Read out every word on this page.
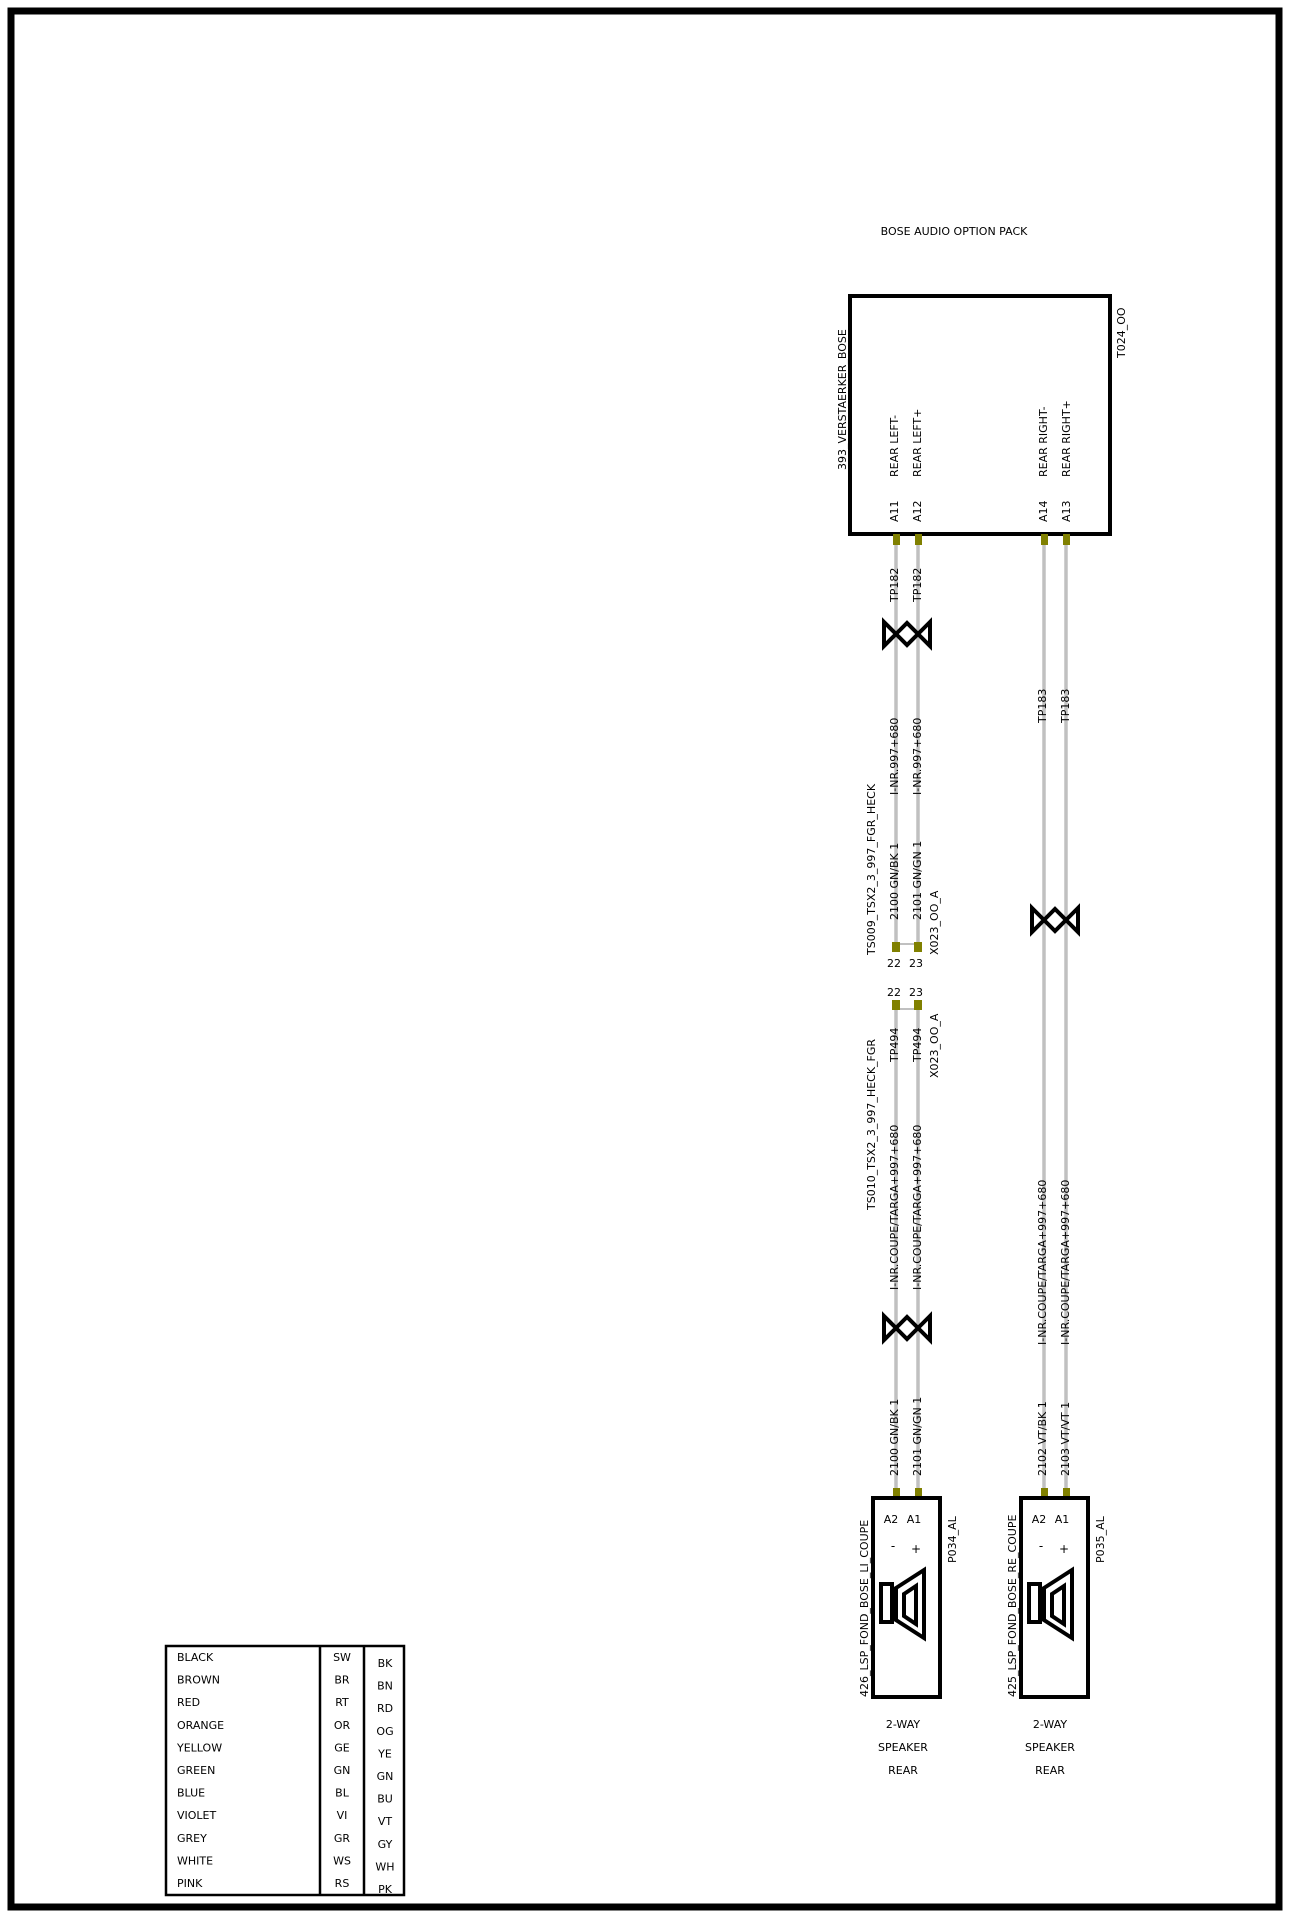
BOSE AUDIO OPTION PACK
393_VERSTAERKER_BOSE	T024_OO
REAR LEFT- REAR LEFT+	REAR RIGHT- REAR RIGHT+
A11 A12	A14 A13
TP182 TP182
I-NR.997+680 I-NR.997+680
2100 GN/BK 1 2101 GN/GN 1
TS009_TSX2_3_997_FGR_HECK	X023_OO_A
22 23
22 23
TP494 TP494 X023_OO_A
TS010_TSX2_3_997_HECK_FGR I-NR.COUPE/TARGA+997+680 I-NR.COUPE/TARGA+997+680
2100 GN/BK 1 2101 GN/GN 1
TP183 TP183
I-NR.COUPE/TARGA+997+680 I-NR.COUPE/TARGA+997+680
2102 VT/BK 1 2103 VT/VT 1
A2 A1
- +
426_LSP_FOND_BOSE_LI_COUPE	P034_AL
2-WAY
SPEAKER
REAR
A2 A1
- +
425_LSP_FOND_BOSE_RE_COUPE	P035_AL
2-WAY
SPEAKER
REAR
BLACK	SW BK
BROWN	BR	BN
RED	RT	RD
ORANGE	OR OG
YELLOW	GE	YE
GREEN	GN GN
BLUE	BL	BU
VIOLET	VI	VT
GREY	GR	GY
WHITE	WS WH
PINK	RS	PK
